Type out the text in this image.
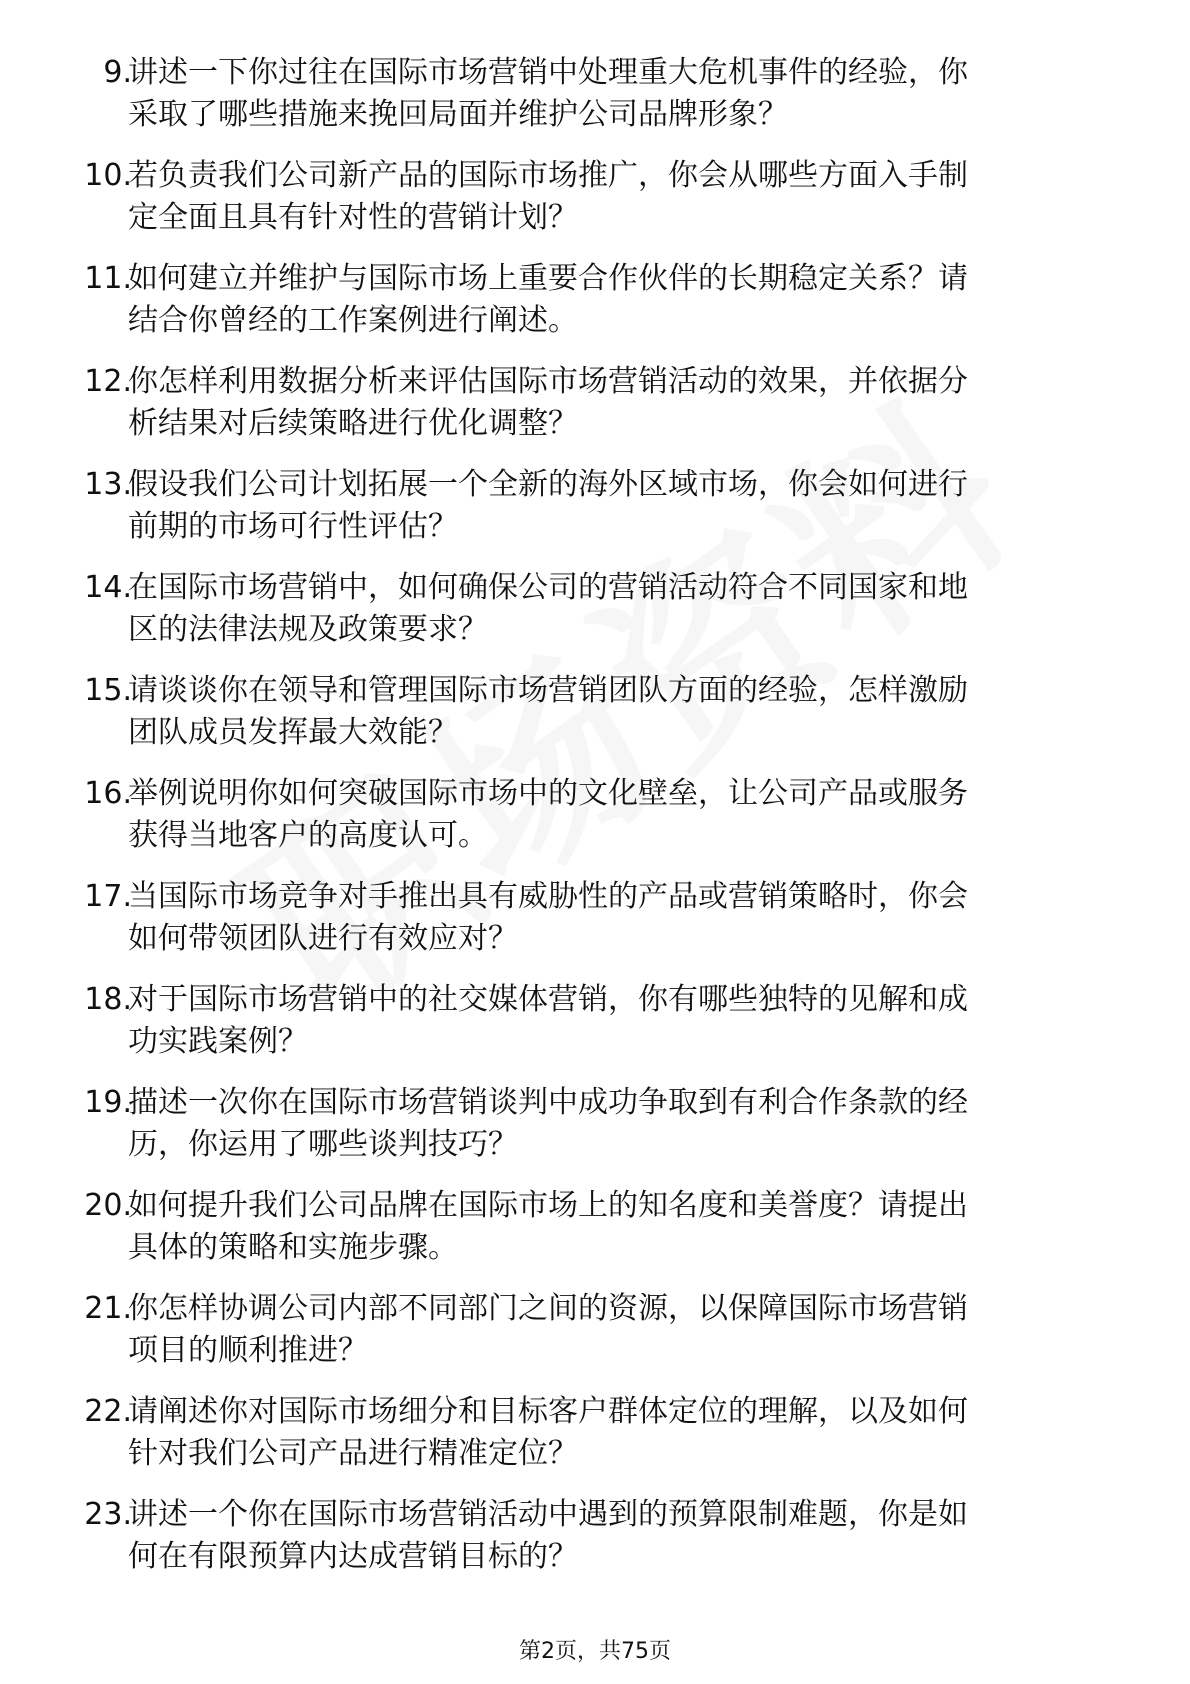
9.
讲述一下你过往在国际市场营销中处理重大危机事件的经验，你
采取了哪些措施来挽回局面并维护公司品牌形象？
10.
若负责我们公司新产品的国际市场推广，你会从哪些方面入手制
定全面且具有针对性的营销计划？
11.
如何建立并维护与国际市场上重要合作伙伴的长期稳定关系？请
结合你曾经的工作案例进行阐述。
12.
你怎样利用数据分析来评估国际市场营销活动的效果，并依据分
析结果对后续策略进行优化调整？
13.
假设我们公司计划拓展一个全新的海外区域市场，你会如何进行
前期的市场可行性评估？
14.
在国际市场营销中，如何确保公司的营销活动符合不同国家和地
区的法律法规及政策要求？
15.
请谈谈你在领导和管理国际市场营销团队方面的经验，怎样激励
团队成员发挥最大效能？
16.
举例说明你如何突破国际市场中的文化壁垒，让公司产品或服务
获得当地客户的高度认可。
17.
当国际市场竞争对手推出具有威胁性的产品或营销策略时，你会
如何带领团队进行有效应对？
18.
对于国际市场营销中的社交媒体营销，你有哪些独特的见解和成
功实践案例？
19.
描述一次你在国际市场营销谈判中成功争取到有利合作条款的经
历，你运用了哪些谈判技巧？
20.
如何提升我们公司品牌在国际市场上的知名度和美誉度？请提出
具体的策略和实施步骤。
21.
你怎样协调公司内部不同部门之间的资源，以保障国际市场营销
项目的顺利推进？
22.
请阐述你对国际市场细分和目标客户群体定位的理解，以及如何
针对我们公司产品进行精准定位？
23.
讲述一个你在国际市场营销活动中遇到的预算限制难题，你是如
何在有限预算内达成营销目标的？
第2页，共75页
